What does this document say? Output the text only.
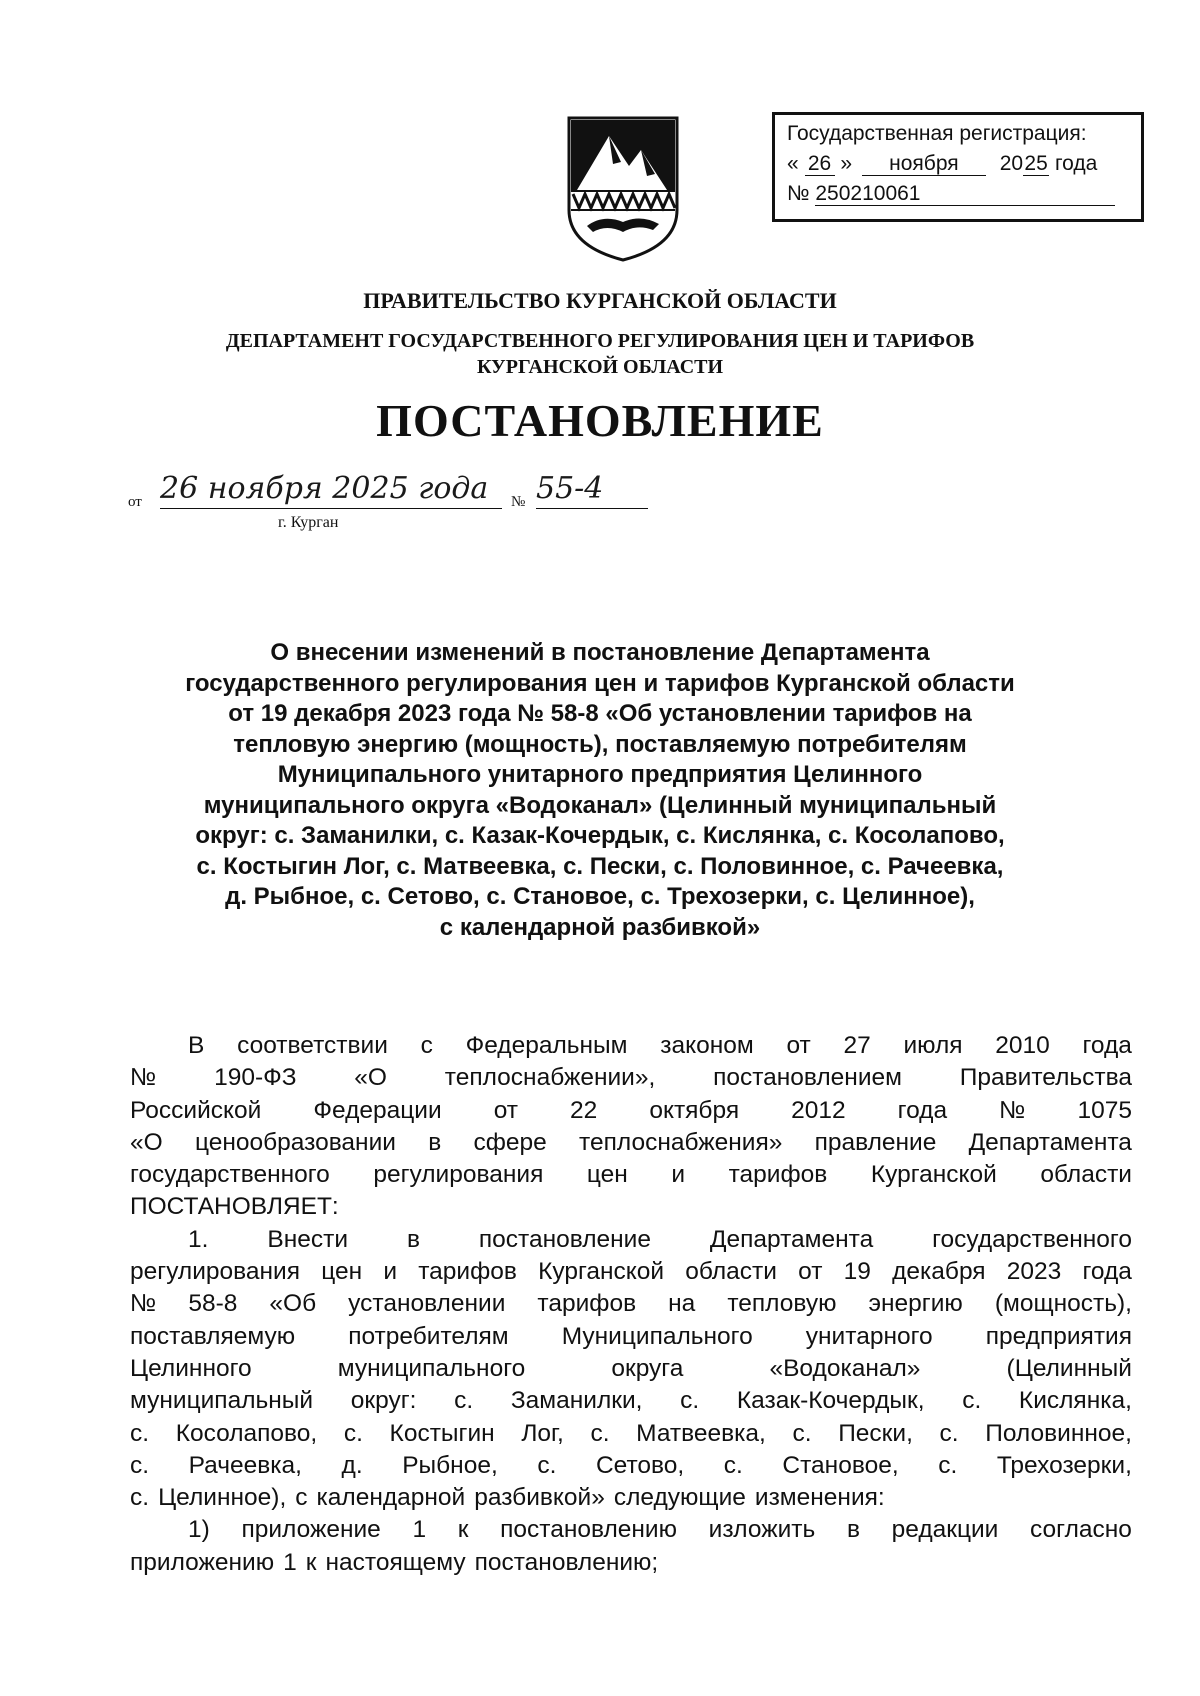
Государственная регистрация:
« 26 » ноября 2025 года
№ 250210061
ПРАВИТЕЛЬСТВО КУРГАНСКОЙ ОБЛАСТИ
ДЕПАРТАМЕНТ ГОСУДАРСТВЕННОГО РЕГУЛИРОВАНИЯ ЦЕН И ТАРИФОВ
КУРГАНСКОЙ ОБЛАСТИ
ПОСТАНОВЛЕНИЕ
от 26 ноября 2025 года	№ 55-4
г. Курган
О внесении изменений в постановление Департамента
государственного регулирования цен и тарифов Курганской области
от 19 декабря 2023 года № 58-8 «Об установлении тарифов на
тепловую энергию (мощность), поставляемую потребителям
Муниципального унитарного предприятия Целинного
муниципального округа «Водоканал» (Целинный муниципальный
округ: с. Заманилки, с. Казак-Кочердык, с. Кислянка, с. Косолапово,
с. Костыгин Лог, с. Матвеевка, с. Пески, с. Половинное, с. Рачеевка,
д. Рыбное, с. Сетово, с. Становое, с. Трехозерки, с. Целинное),
с календарной разбивкой»
В соответствии с Федеральным законом от 27 июля 2010 года
№ 190-ФЗ «О теплоснабжении», постановлением Правительства
Российской Федерации от 22 октября 2012 года № 1075
«О ценообразовании в сфере теплоснабжения» правление Департамента
государственного регулирования цен и тарифов Курганской области
ПОСТАНОВЛЯЕТ:
1. Внести в постановление Департамента государственного
регулирования цен и тарифов Курганской области от 19 декабря 2023 года
№ 58-8 «Об установлении тарифов на тепловую энергию (мощность),
поставляемую потребителям Муниципального унитарного предприятия
Целинного	муниципального	округа	«Водоканал»	(Целинный
муниципальный округ: с. Заманилки, с. Казак-Кочердык, с. Кислянка,
с. Косолапово, с. Костыгин Лог, с. Матвеевка, с. Пески, с. Половинное,
с. Рачеевка, д. Рыбное, с. Сетово, с. Становое, с. Трехозерки,
с. Целинное), с календарной разбивкой» следующие изменения:
1) приложение 1 к постановлению изложить в редакции согласно
приложению 1 к настоящему постановлению;
